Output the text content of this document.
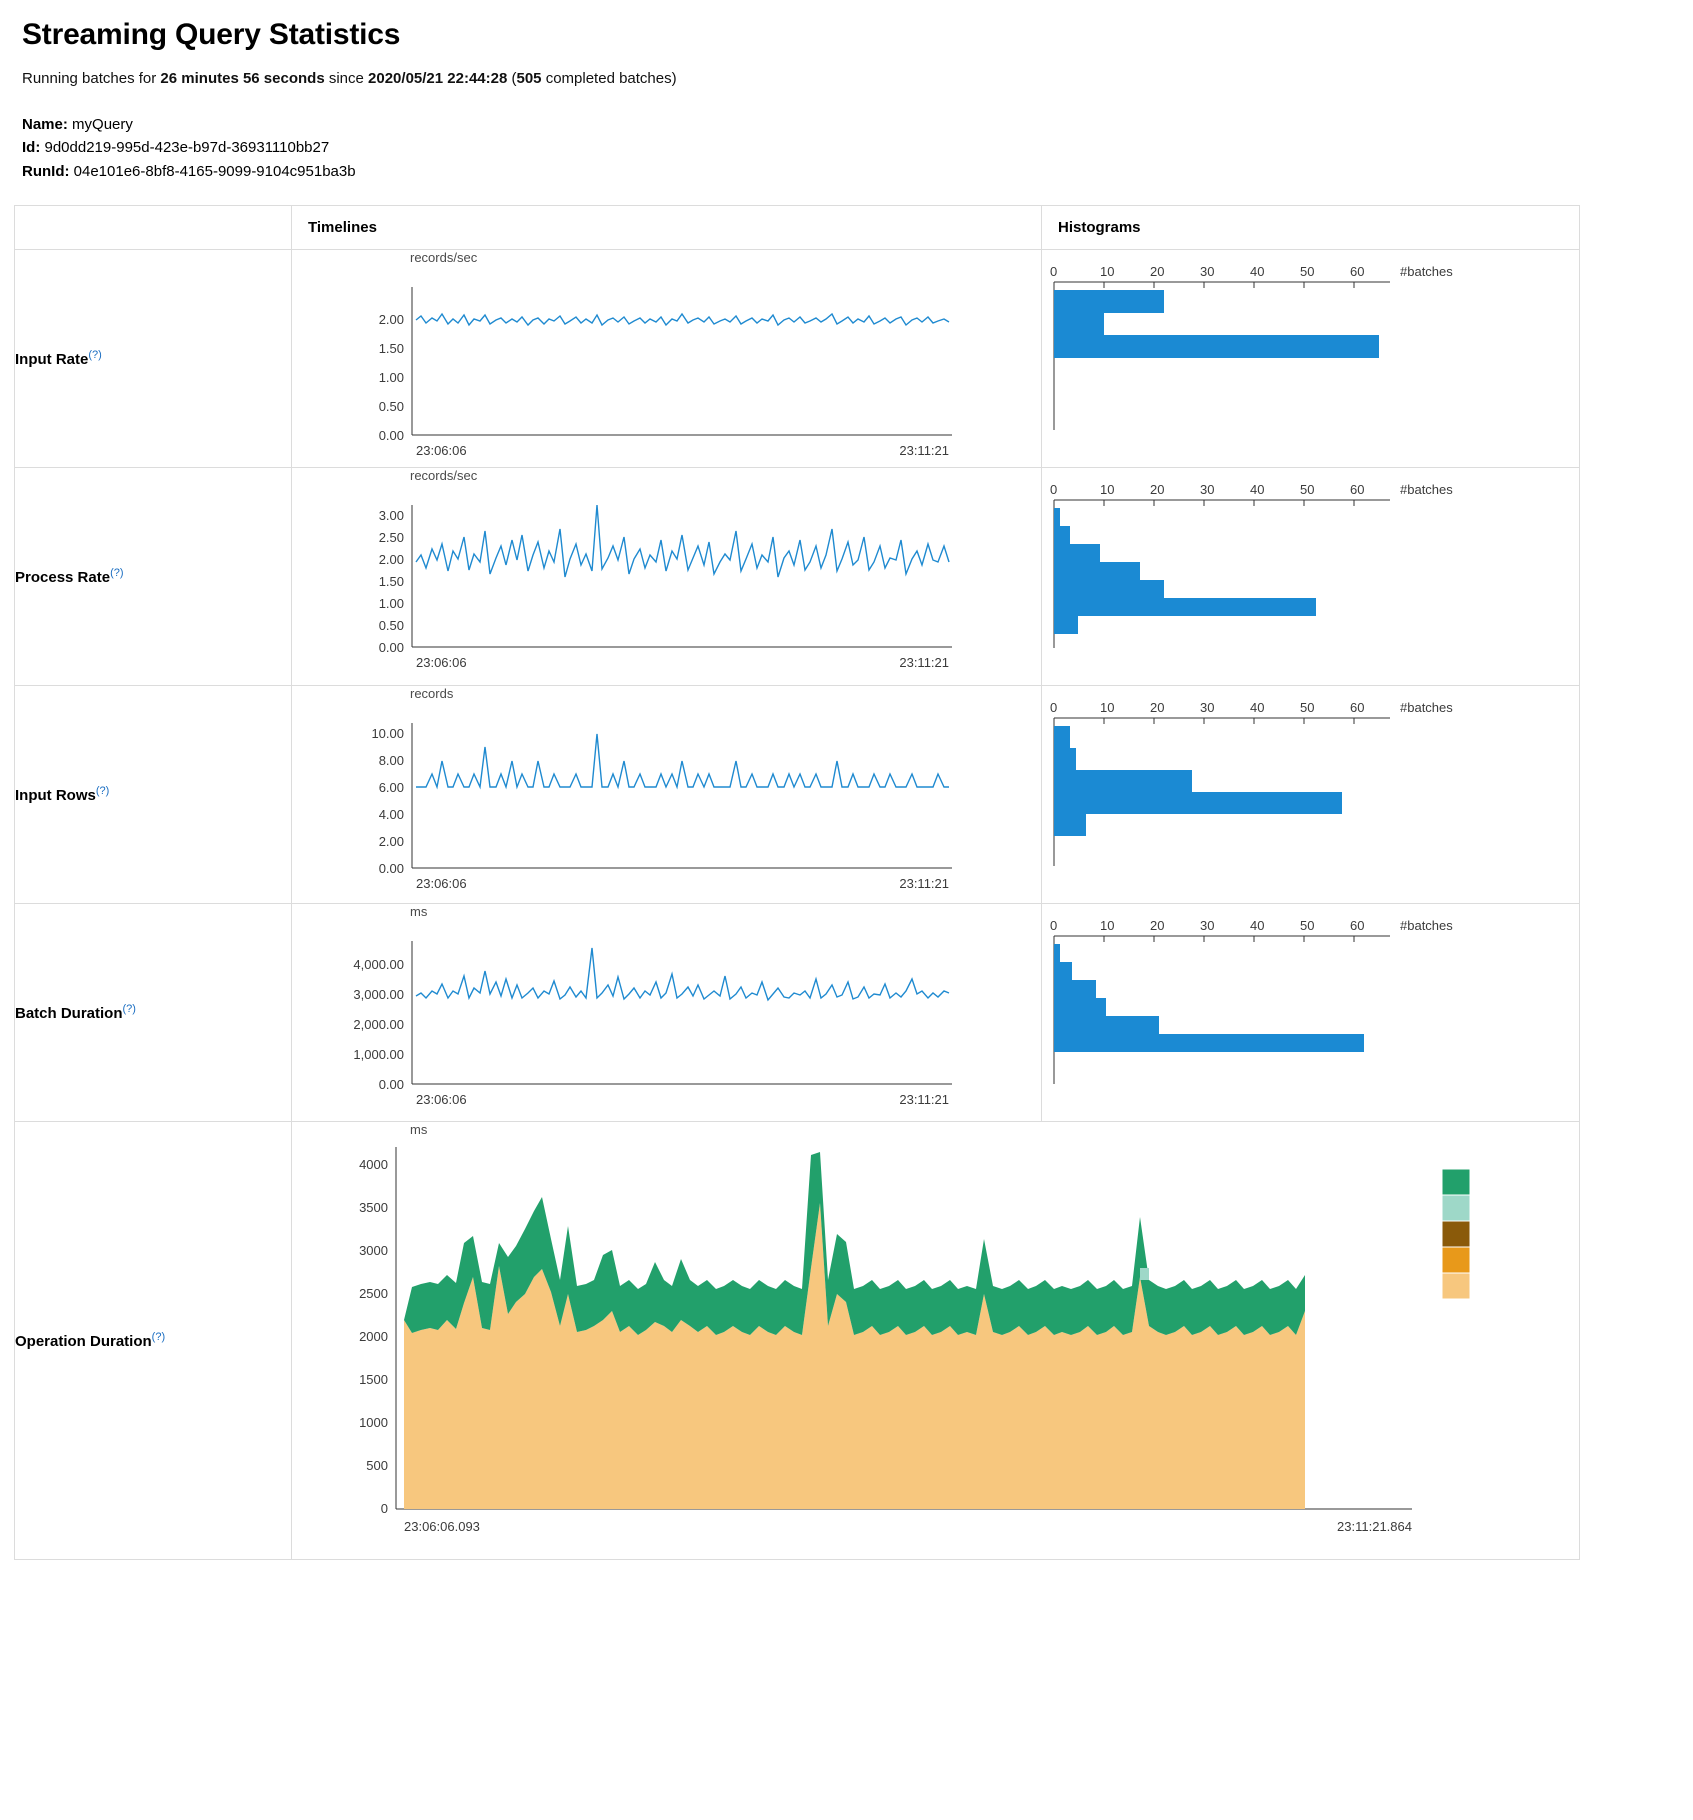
Streaming Query Statistics

Running batches for 26 minutes 56 seconds since 2020/05/21 22:44:28 (505 completed batches)

Name: myQuery
Id: 9d0dd219-995d-423e-b97d-36931110bb27
RunId: 04e101e6-8bf8-4165-9099-9104c951ba3b
	Timelines	Histograms
Input Rate(?)	
records/sec
2.00
1.50
1.00
0.50
0.00
23:06:06	23:11:21

0	10	20	30	40	50	60	#batches

Process Rate(?)	
records/sec
3.00
2.50
2.00
1.50
1.00
0.50
0.00
23:06:06	23:11:21

0	10	20	30	40	50	60	#batches

Input Rows(?)	
records
10.00
8.00
6.00
4.00
2.00
0.00
23:06:06	23:11:21

0	10	20	30	40	50	60	#batches

Batch Duration(?)	
ms
4,000.00
3,000.00
2,000.00
1,000.00
0.00
23:06:06	23:11:21

0	10	20	30	40	50	60	#batches

Operation Duration(?)	
ms
4000
3500
3000
2500
2000
1500
1000
500
0
23:06:06.093	23:11:21.864
